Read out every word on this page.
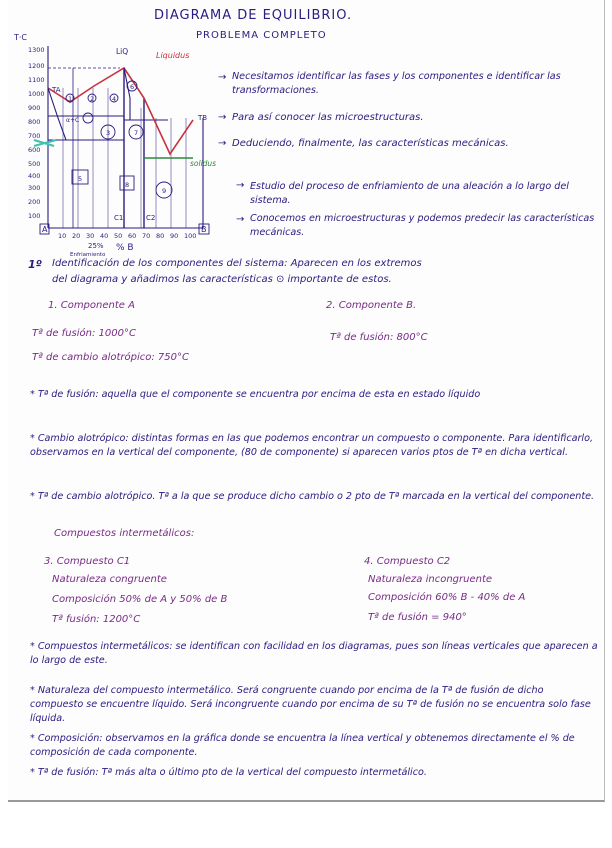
DIAGRAMA DE EQUILIBRIO.
PROBLEMA COMPLETO
T·C
1300
1200
1100
1000
900
800
700
600
500
400
300
200
100
10 20 30 40 50 60 70 80 90 100
A	B
% B
25%
Enfriamiento
Liquidus
solidus
LiQ
TA
TB
C1	C2
α+C
1	2
3
4
5
6
7
8
9
→ Necesitamos identificar las fases y los componentes e identificar las transformaciones.

→ Para así conocer las microestructuras.
→ Deduciendo, finalmente, las características mecánicas.
→ Estudio del proceso de enfriamiento de una aleación a lo largo del sistema.

→ Conocemos en microestructuras y podemos predecir las características mecánicas.

1º Identificación de los componentes del sistema: Aparecen en los extremos
del diagrama y añadimos las características ⊙ importante de estos.
1. Componente A
Tª de fusión: 1000°C
Tª de cambio alotrópico: 750°C
2. Componente B.
Tª de fusión: 800°C

* Tª de fusión: aquella que el componente se encuentra por encima de esta en estado líquido

* Cambio alotrópico: distintas formas en las que podemos encontrar un compuesto o componente. Para identificarlo, observamos en la vertical del componente, (80 de componente) si aparecen varios ptos de Tª en dicha vertical.

* Tª de cambio alotrópico. Tª a la que se produce dicho cambio o 2 pto de Tª marcada en la vertical del componente.

Compuestos intermetálicos:
3. Compuesto C1
Naturaleza congruente
Composición 50% de A y 50% de B
Tª fusión: 1200°C
4. Compuesto C2
Naturaleza incongruente
Composición 60% B - 40% de A
Tª de fusión = 940°

* Compuestos intermetálicos: se identifican con facilidad en los diagramas, pues son líneas verticales que aparecen a lo largo de este.

* Naturaleza del compuesto intermetálico. Será congruente cuando por encima de la Tª de fusión de dicho compuesto se encuentre líquido. Será incongruente cuando por encima de su Tª de fusión no se encuentra solo fase líquida.

* Composición: observamos en la gráfica donde se encuentra la línea vertical y obtenemos directamente el % de composición de cada componente.

* Tª de fusión: Tª más alta o último pto de la vertical del compuesto intermetálico.
